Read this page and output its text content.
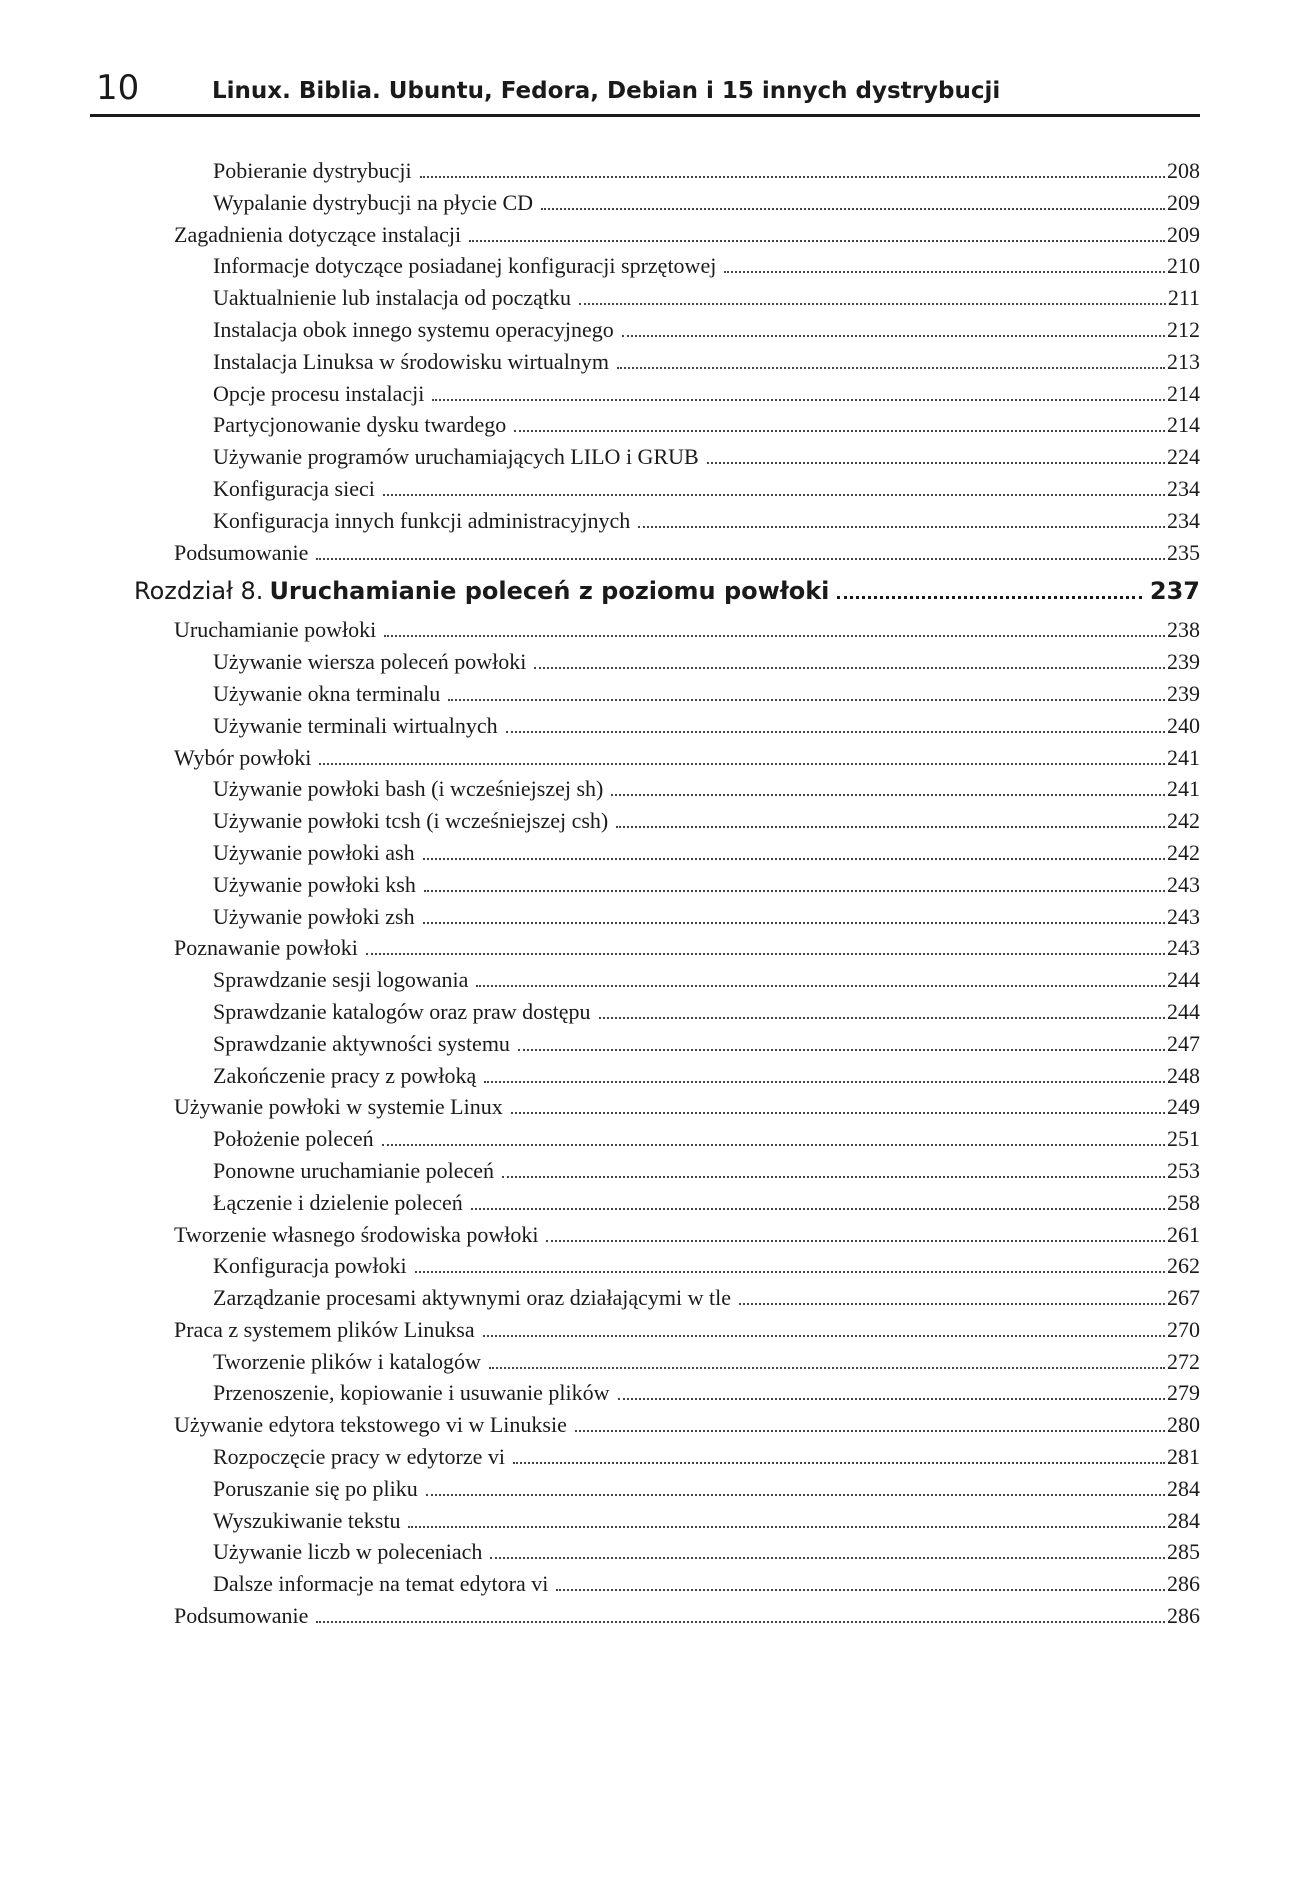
10	Linux. Biblia. Ubuntu, Fedora, Debian i 15 innych dystrybucji
Pobieranie dystrybucji	208
Wypalanie dystrybucji na płycie CD	209
Zagadnienia dotyczące instalacji	209
Informacje dotyczące posiadanej konfiguracji sprzętowej	210
Uaktualnienie lub instalacja od początku	211
Instalacja obok innego systemu operacyjnego	212
Instalacja Linuksa w środowisku wirtualnym	213
Opcje procesu instalacji	214
Partycjonowanie dysku twardego	214
Używanie programów uruchamiających LILO i GRUB	224
Konfiguracja sieci	234
Konfiguracja innych funkcji administracyjnych	234
Podsumowanie	235
Rozdział 8. Uruchamianie poleceń z poziomu powłoki	237
Uruchamianie powłoki	238
Używanie wiersza poleceń powłoki	239
Używanie okna terminalu	239
Używanie terminali wirtualnych	240
Wybór powłoki	241
Używanie powłoki bash (i wcześniejszej sh)	241
Używanie powłoki tcsh (i wcześniejszej csh)	242
Używanie powłoki ash	242
Używanie powłoki ksh	243
Używanie powłoki zsh	243
Poznawanie powłoki	243
Sprawdzanie sesji logowania	244
Sprawdzanie katalogów oraz praw dostępu	244
Sprawdzanie aktywności systemu	247
Zakończenie pracy z powłoką	248
Używanie powłoki w systemie Linux	249
Położenie poleceń	251
Ponowne uruchamianie poleceń	253
Łączenie i dzielenie poleceń	258
Tworzenie własnego środowiska powłoki	261
Konfiguracja powłoki	262
Zarządzanie procesami aktywnymi oraz działającymi w tle	267
Praca z systemem plików Linuksa	270
Tworzenie plików i katalogów	272
Przenoszenie, kopiowanie i usuwanie plików	279
Używanie edytora tekstowego vi w Linuksie	280
Rozpoczęcie pracy w edytorze vi	281
Poruszanie się po pliku	284
Wyszukiwanie tekstu	284
Używanie liczb w poleceniach	285
Dalsze informacje na temat edytora vi	286
Podsumowanie	286
